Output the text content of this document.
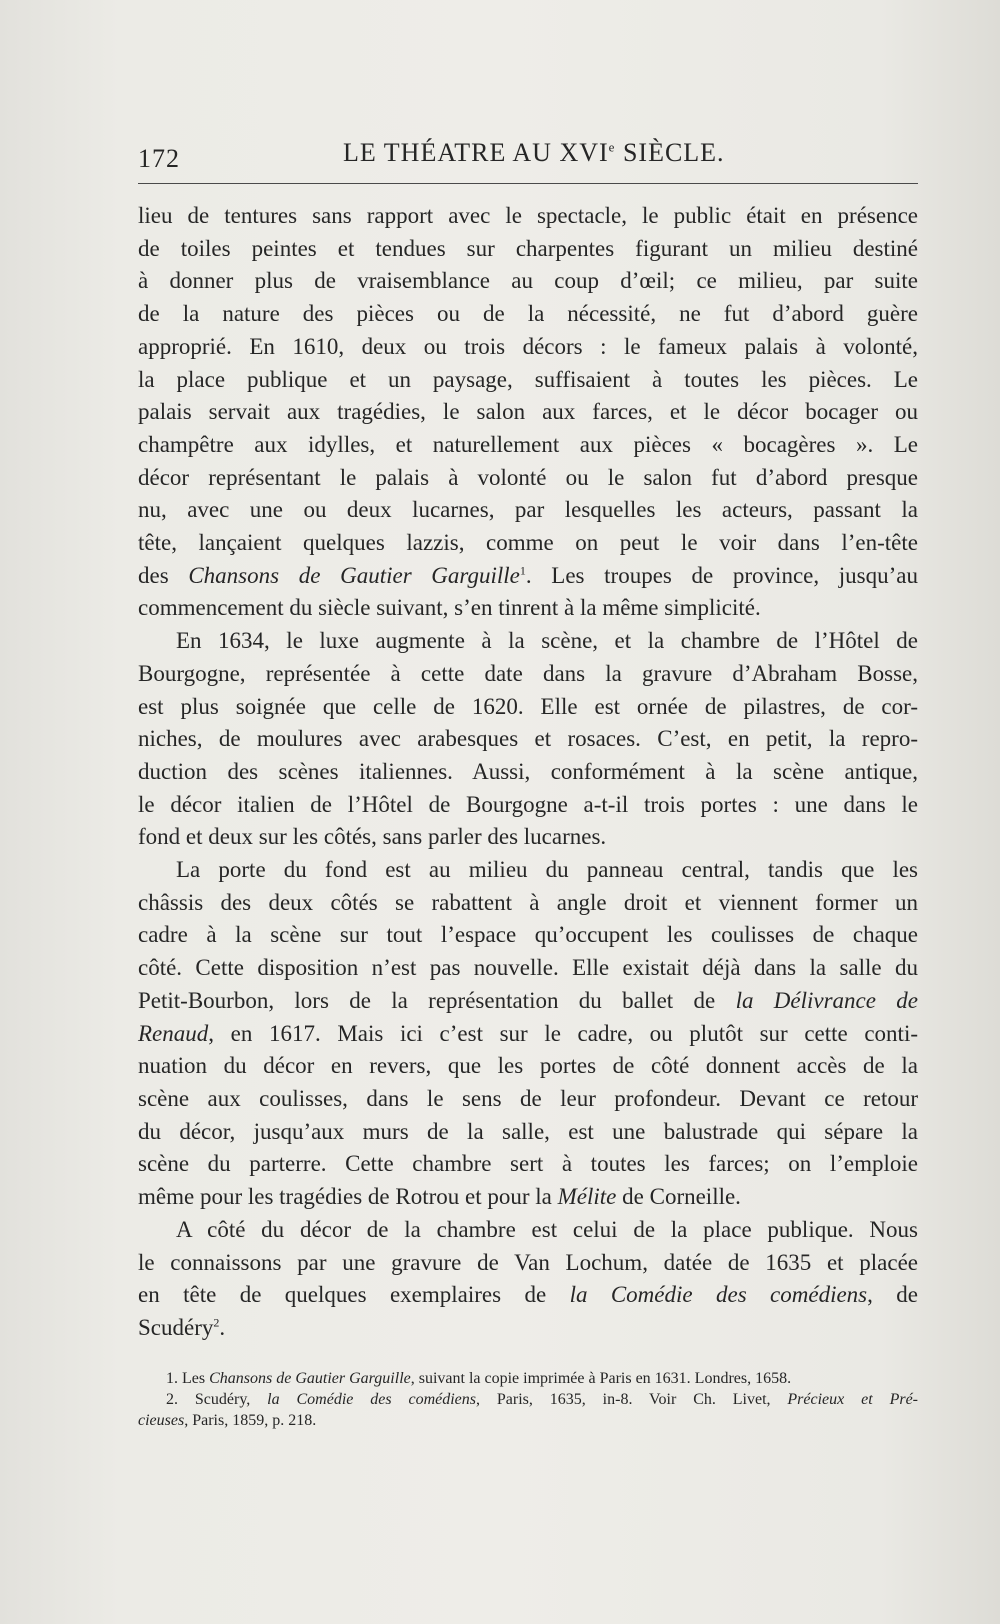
172	LE THÉATRE AU XVIe SIÈCLE.

lieu de tentures sans rapport avec le spectacle, le public était en présence
de toiles peintes et tendues sur charpentes figurant un milieu destiné
à donner plus de vraisemblance au coup d’œil; ce milieu, par suite
de la nature des pièces ou de la nécessité, ne fut d’abord guère
approprié. En 1610, deux ou trois décors : le fameux palais à volonté,
la place publique et un paysage, suffisaient à toutes les pièces. Le
palais servait aux tragédies, le salon aux farces, et le décor bocager ou
champêtre aux idylles, et naturellement aux pièces « bocagères ». Le
décor représentant le palais à volonté ou le salon fut d’abord presque
nu, avec une ou deux lucarnes, par lesquelles les acteurs, passant la
tête, lançaient quelques lazzis, comme on peut le voir dans l’en-tête
des Chansons de Gautier Garguille$^1$. Les troupes de province, jusqu’au
commencement du siècle suivant, s’en tinrent à la même simplicité.

En 1634, le luxe augmente à la scène, et la chambre de l’Hôtel de
Bourgogne, représentée à cette date dans la gravure d’Abraham Bosse,
est plus soignée que celle de 1620. Elle est ornée de pilastres, de cor-
niches, de moulures avec arabesques et rosaces. C’est, en petit, la repro-
duction des scènes italiennes. Aussi, conformément à la scène antique,
le décor italien de l’Hôtel de Bourgogne a-t-il trois portes : une dans le
fond et deux sur les côtés, sans parler des lucarnes.

La porte du fond est au milieu du panneau central, tandis que les
châssis des deux côtés se rabattent à angle droit et viennent former un
cadre à la scène sur tout l’espace qu’occupent les coulisses de chaque
côté. Cette disposition n’est pas nouvelle. Elle existait déjà dans la salle du
Petit-Bourbon, lors de la représentation du ballet de la Délivrance de
Renaud, en 1617. Mais ici c’est sur le cadre, ou plutôt sur cette conti-
nuation du décor en revers, que les portes de côté donnent accès de la
scène aux coulisses, dans le sens de leur profondeur. Devant ce retour
du décor, jusqu’aux murs de la salle, est une balustrade qui sépare la
scène du parterre. Cette chambre sert à toutes les farces; on l’emploie
même pour les tragédies de Rotrou et pour la Mélite de Corneille.

A côté du décor de la chambre est celui de la place publique. Nous
le connaissons par une gravure de Van Lochum, datée de 1635 et placée
en tête de quelques exemplaires de la Comédie des comédiens, de
Scudéry$^2$.

1. Les Chansons de Gautier Garguille, suivant la copie imprimée à Paris en 1631. Londres, 1658.
2. Scudéry, la Comédie des comédiens, Paris, 1635, in-8. Voir Ch. Livet, Précieux et Pré-
cieuses, Paris, 1859, p. 218.
